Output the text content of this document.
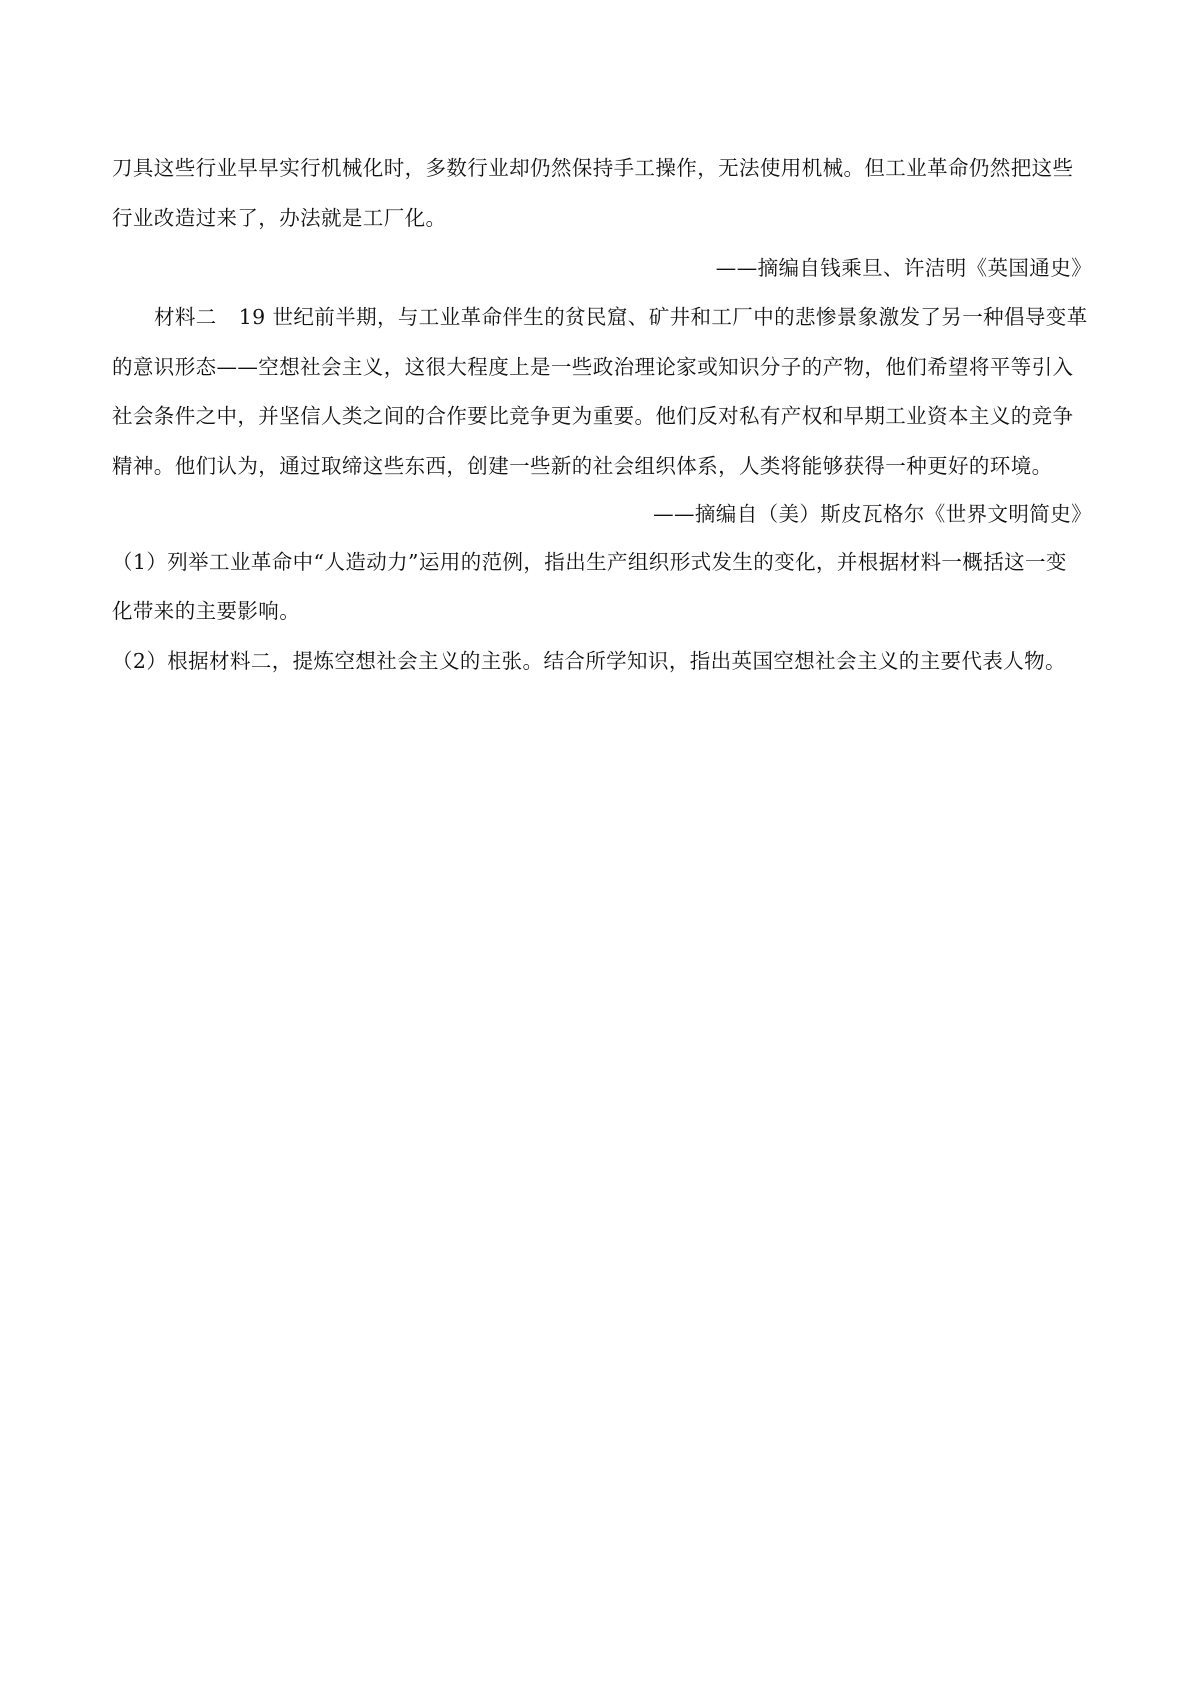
刀具这些行业早早实行机械化时，多数行业却仍然保持手工操作，无法使用机械。但工业革命仍然把这些
行业改造过来了，办法就是工厂化。
——摘编自钱乘旦、许洁明《英国通史》
材料二 19 世纪前半期，与工业革命伴生的贫民窟、矿井和工厂中的悲惨景象激发了另一种倡导变革
的意识形态——空想社会主义，这很大程度上是一些政治理论家或知识分子的产物，他们希望将平等引入
社会条件之中，并坚信人类之间的合作要比竞争更为重要。他们反对私有产权和早期工业资本主义的竞争
精神。他们认为，通过取缔这些东西，创建一些新的社会组织体系，人类将能够获得一种更好的环境。
——摘编自（美）斯皮瓦格尔《世界文明简史》
（1）列举工业革命中“人造动力”运用的范例，指出生产组织形式发生的变化，并根据材料一概括这一变
化带来的主要影响。
（2）根据材料二，提炼空想社会主义的主张。结合所学知识，指出英国空想社会主义的主要代表人物。
